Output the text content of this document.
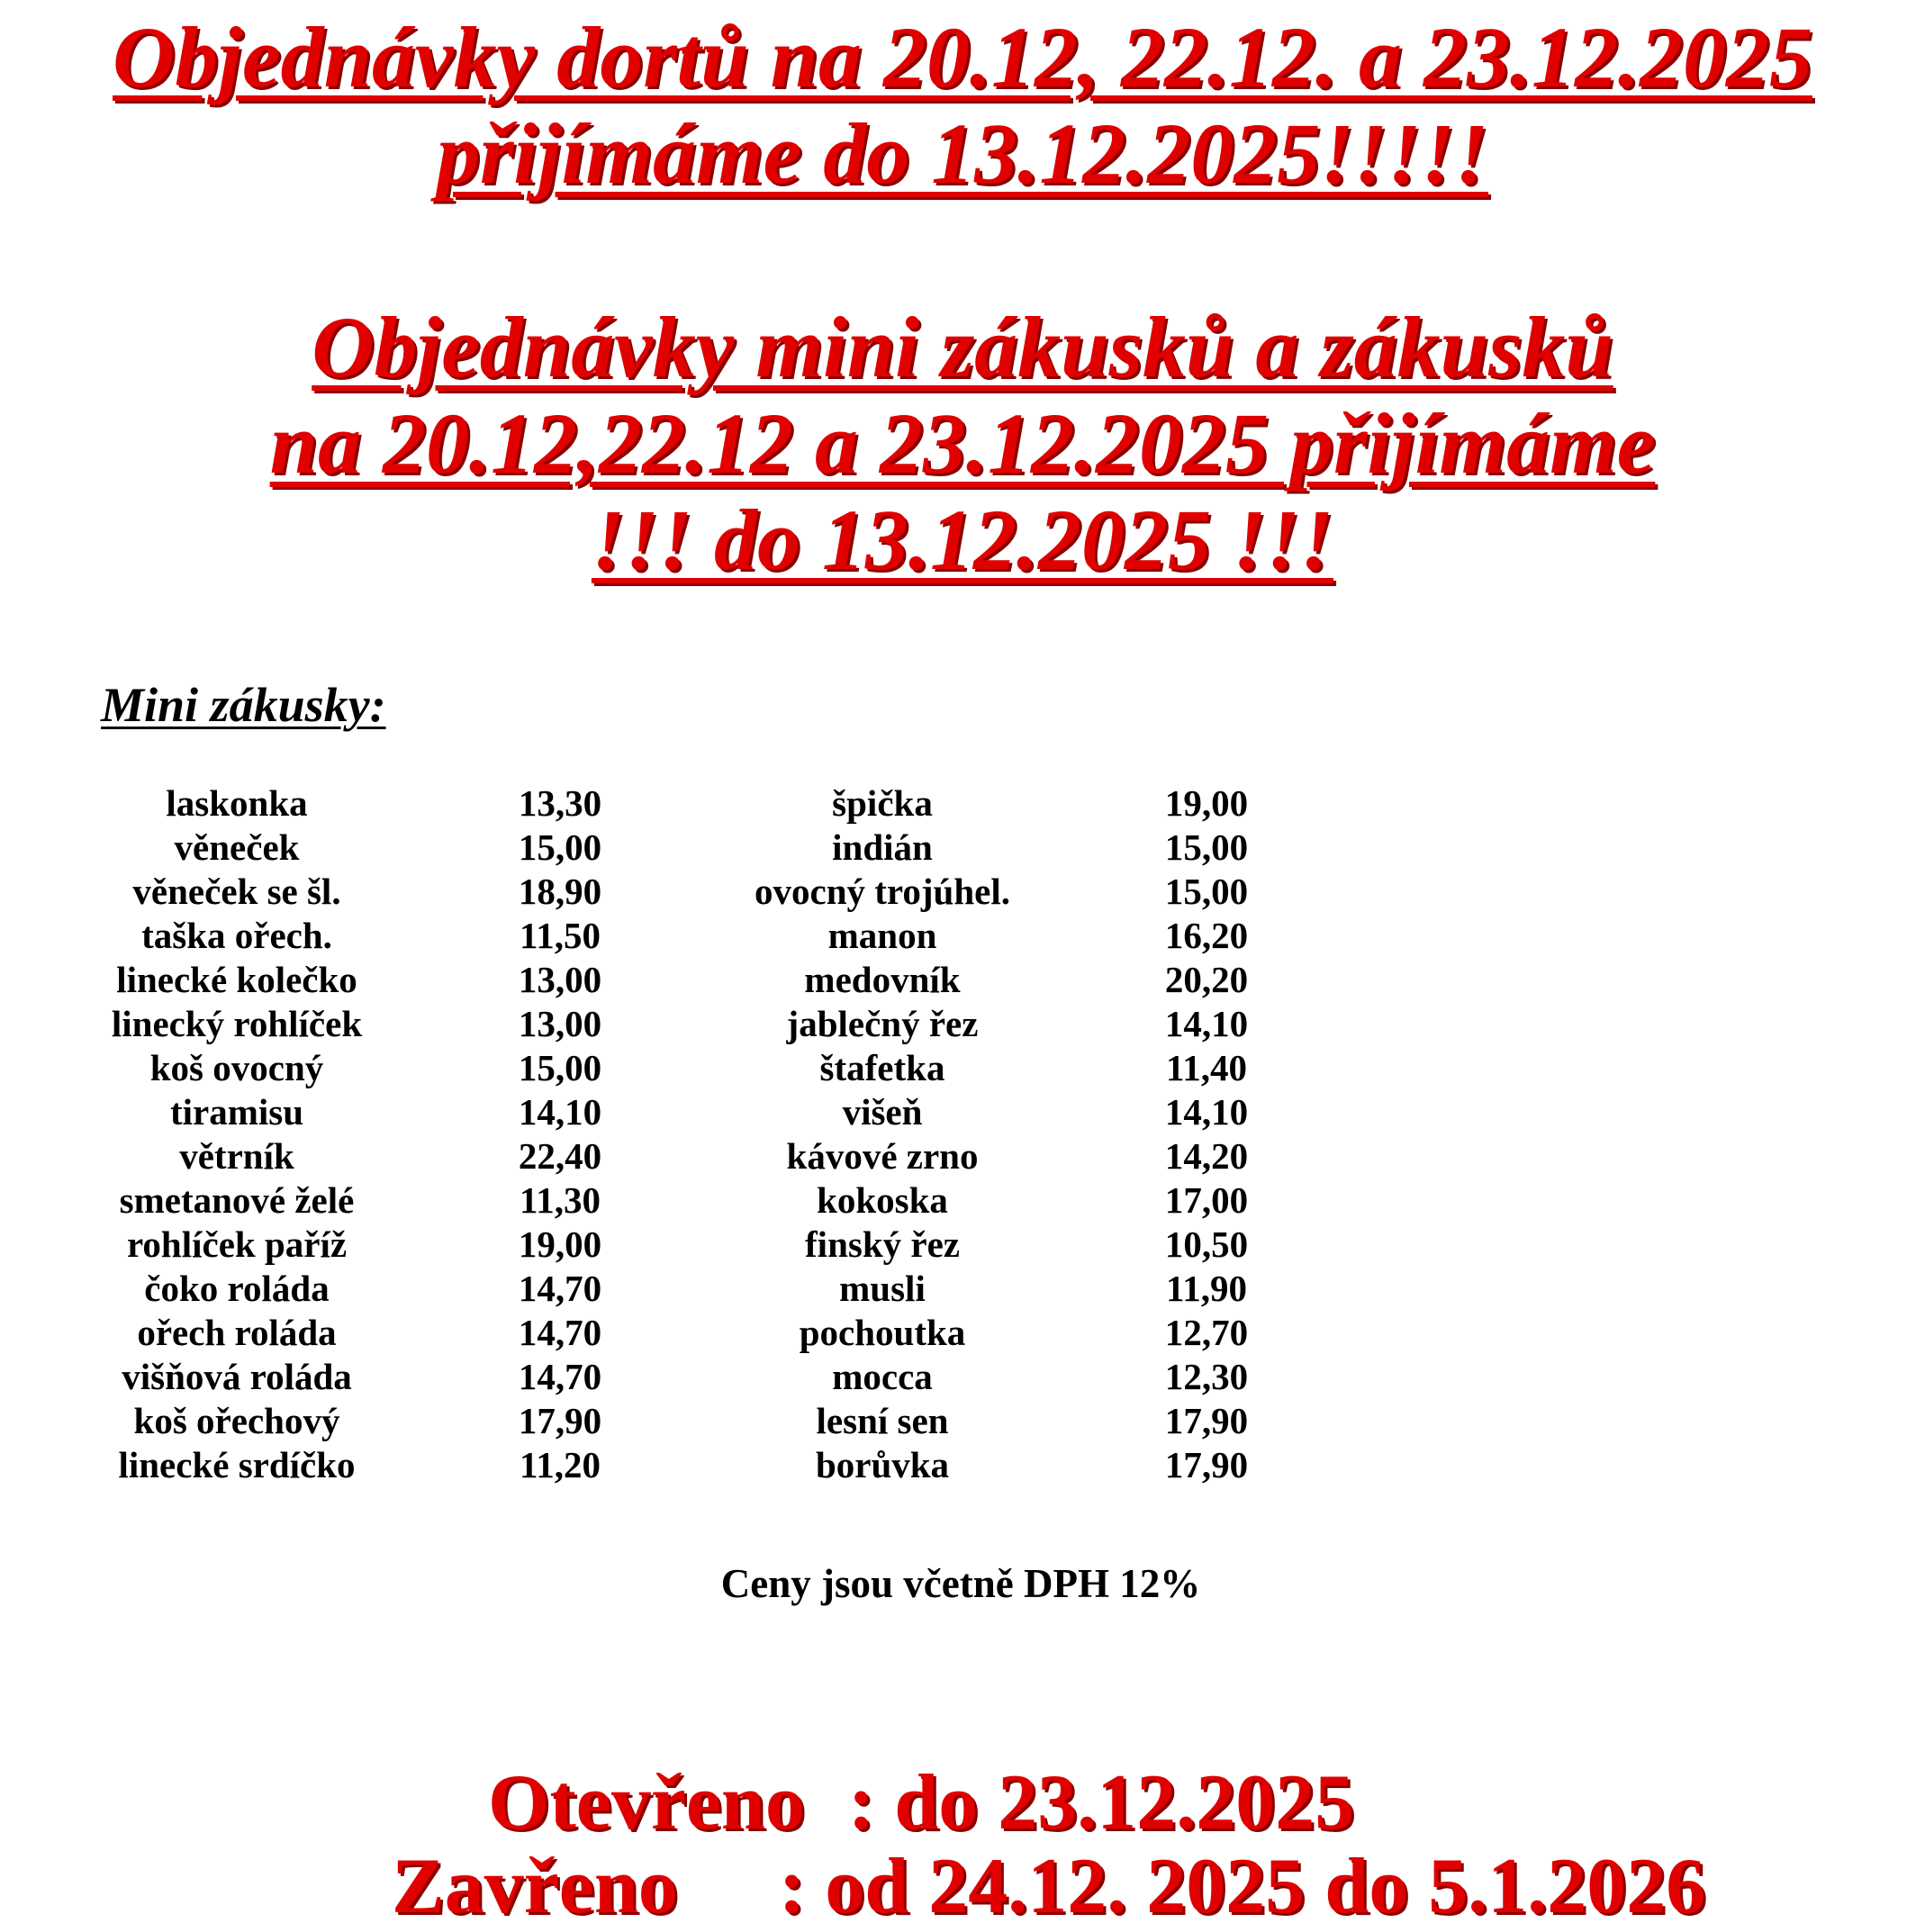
Objednávky dortů na 20.12, 22.12. a 23.12.2025
přijímáme do 13.12.2025!!!!!
Objednávky mini zákusků a zákusků
na 20.12,22.12 a 23.12.2025 přijímáme
!!! do 13.12.2025 !!!
Mini zákusky:
laskonka	13,30	špička	19,00
věneček	15,00	indián	15,00
věneček se šl.	18,90	ovocný trojúhel.	15,00
taška ořech.	11,50	manon	16,20
linecké kolečko	13,00	medovník	20,20
linecký rohlíček	13,00	jablečný řez	14,10
koš ovocný	15,00	štafetka	11,40
tiramisu	14,10	višeň	14,10
větrník	22,40	kávové zrno	14,20
smetanové želé	11,30	kokoska	17,00
rohlíček paříž	19,00	finský řez	10,50
čoko roláda	14,70	musli	11,90
ořech roláda	14,70	pochoutka	12,70
višňová roláda	14,70	mocca	12,30
koš ořechový	17,90	lesní sen	17,90
linecké srdíčko	11,20	borůvka	17,90
Ceny jsou včetně DPH 12%
Otevřeno : do 23.12.2025
Zavřeno : od 24.12. 2025 do 5.1.2026
